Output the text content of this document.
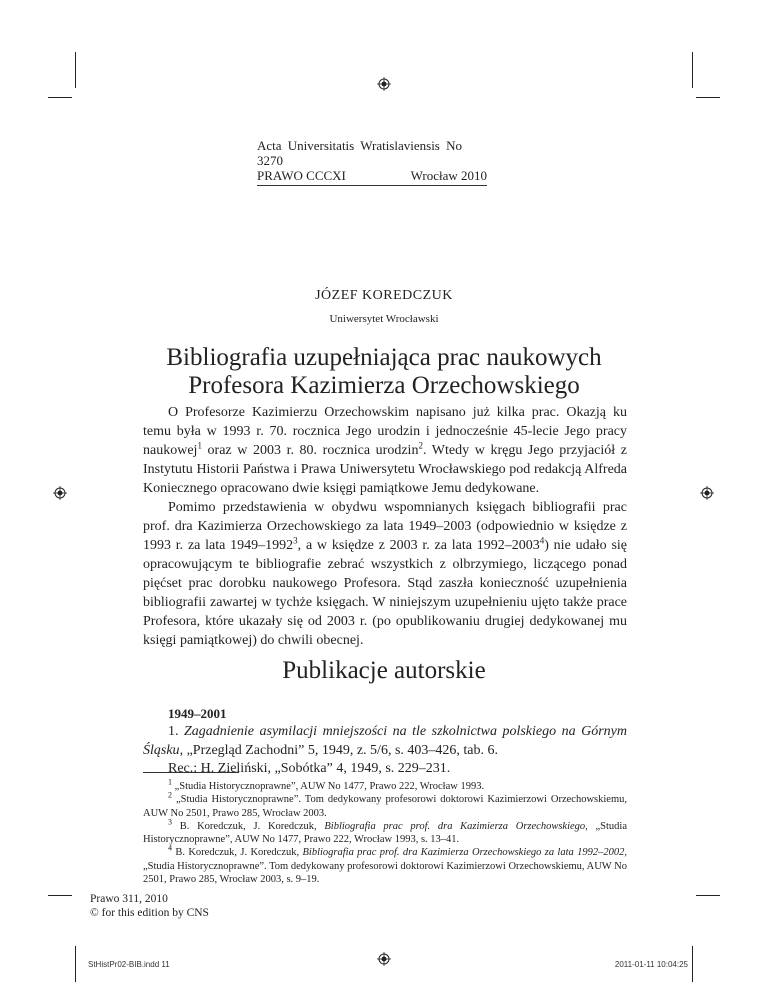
Acta Universitatis Wratislaviensis No 3270
PRAWO CCCXI	Wrocław 2010
JÓZEF KOREDCZUK
Uniwersytet Wrocławski
Bibliografia uzupełniająca prac naukowych
Profesora Kazimierza Orzechowskiego

O Profesorze Kazimierzu Orzechowskim napisano już kilka prac. Okazją ku temu była w 1993 r. 70. rocznica Jego urodzin i jednocześnie 45-lecie Jego pracy naukowej$^1$ oraz w 2003 r. 80. rocznica urodzin$^2$. Wtedy w kręgu Jego przyjaciół z Instytutu Historii Państwa i Prawa Uniwersytetu Wrocławskiego pod redakcją Alfreda Koniecznego opracowano dwie księgi pamiątkowe Jemu dedykowane.

Pomimo przedstawienia w obydwu wspomnianych księgach bibliografii prac prof. dra Kazimierza Orzechowskiego za lata 1949–2003 (odpowiednio w księdze z 1993 r. za lata 1949–1992$^3$, a w księdze z 2003 r. za lata 1992–2003$^4$) nie udało się opracowującym te bibliografie zebrać wszystkich z olbrzymiego, liczącego ponad pięćset prac dorobku naukowego Profesora. Stąd zaszła konieczność uzupełnienia bibliografii zawartej w tychże księgach. W niniejszym uzupełnieniu ujęto także prace Profesora, które ukazały się od 2003 r. (po opublikowaniu drugiej dedykowanej mu księgi pamiątkowej) do chwili obecnej.

Publikacje autorskie
1949–2001

1. Zagadnienie asymilacji mniejszości na tle szkolnictwa polskiego na Górnym Śląsku, „Przegląd Zachodni” 5, 1949, z. 5/6, s. 403–426, tab. 6.

Rec.: H. Zieliński, „Sobótka” 4, 1949, s. 229–231.

$^1$ „Studia Historycznoprawne”, AUW No 1477, Prawo 222, Wrocław 1993.

$^2$ „Studia Historycznoprawne”. Tom dedykowany profesorowi doktorowi Kazimierzowi Orzechowskiemu, AUW No 2501, Prawo 285, Wrocław 2003.

$^3$ B. Koredczuk, J. Koredczuk, Bibliografia prac prof. dra Kazimierza Orzechowskiego, „Studia Historycznoprawne”, AUW No 1477, Prawo 222, Wrocław 1993, s. 13–41.

$^4$ B. Koredczuk, J. Koredczuk, Bibliografia prac prof. dra Kazimierza Orzechowskiego za lata 1992–2002, „Studia Historycznoprawne”. Tom dedykowany profesorowi doktorowi Kazimierzowi Orzechowskiemu, AUW No 2501, Prawo 285, Wrocław 2003, s. 9–19.

Prawo 311, 2010
© for this edition by CNS
StHistPr02-BIB.indd 11	2011-01-11 10:04:25
